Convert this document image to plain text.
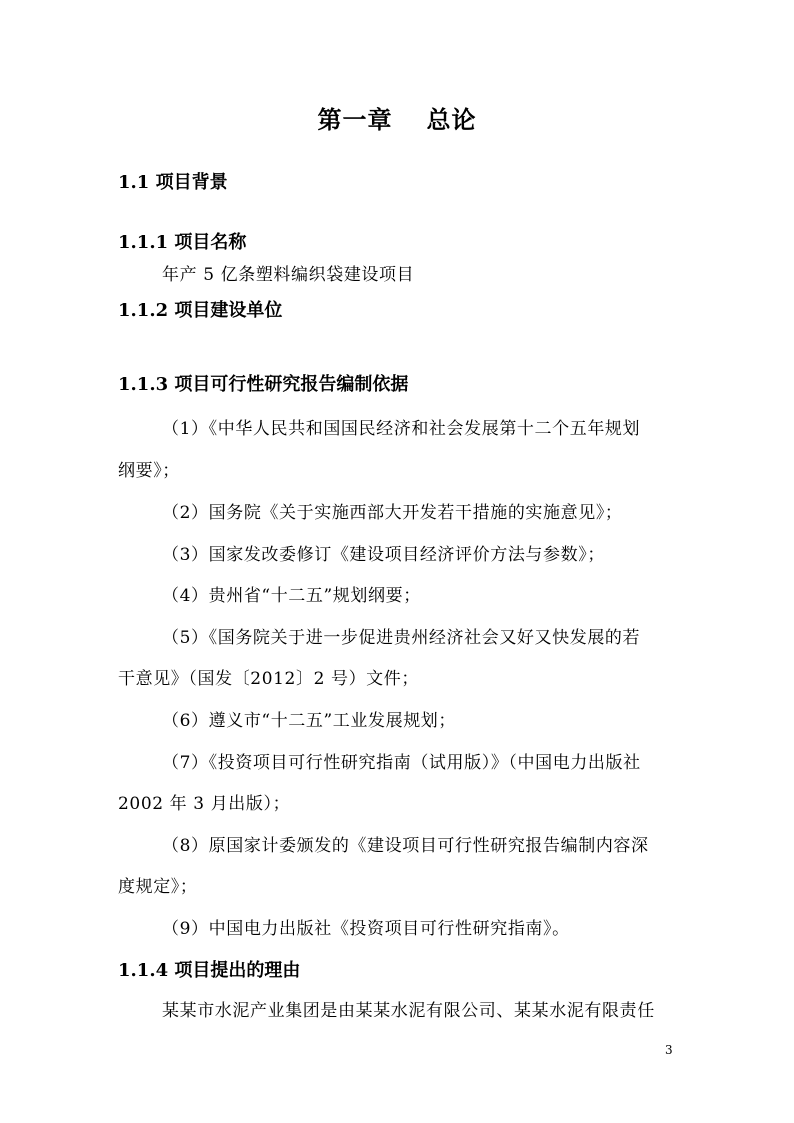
第一章 总论
1.1 项目背景
1.1.1 项目名称
年产 5 亿条塑料编织袋建设项目
1.1.2 项目建设单位
1.1.3 项目可行性研究报告编制依据
（1）《中华人民共和国国民经济和社会发展第十二个五年规划
纲要》；
（2）国务院《关于实施西部大开发若干措施的实施意见》；
（3）国家发改委修订《建设项目经济评价方法与参数》；
（4）贵州省“十二五”规划纲要；
（5）《国务院关于进一步促进贵州经济社会又好又快发展的若
干意见》（国发〔2012〕2 号）文件；
（6）遵义市“十二五”工业发展规划；
（7）《投资项目可行性研究指南（试用版）》（中国电力出版社
2002 年 3 月出版）；
（8）原国家计委颁发的《建设项目可行性研究报告编制内容深
度规定》；
（9）中国电力出版社《投资项目可行性研究指南》。
1.1.4 项目提出的理由
某某市水泥产业集团是由某某水泥有限公司、某某水泥有限责任
3
